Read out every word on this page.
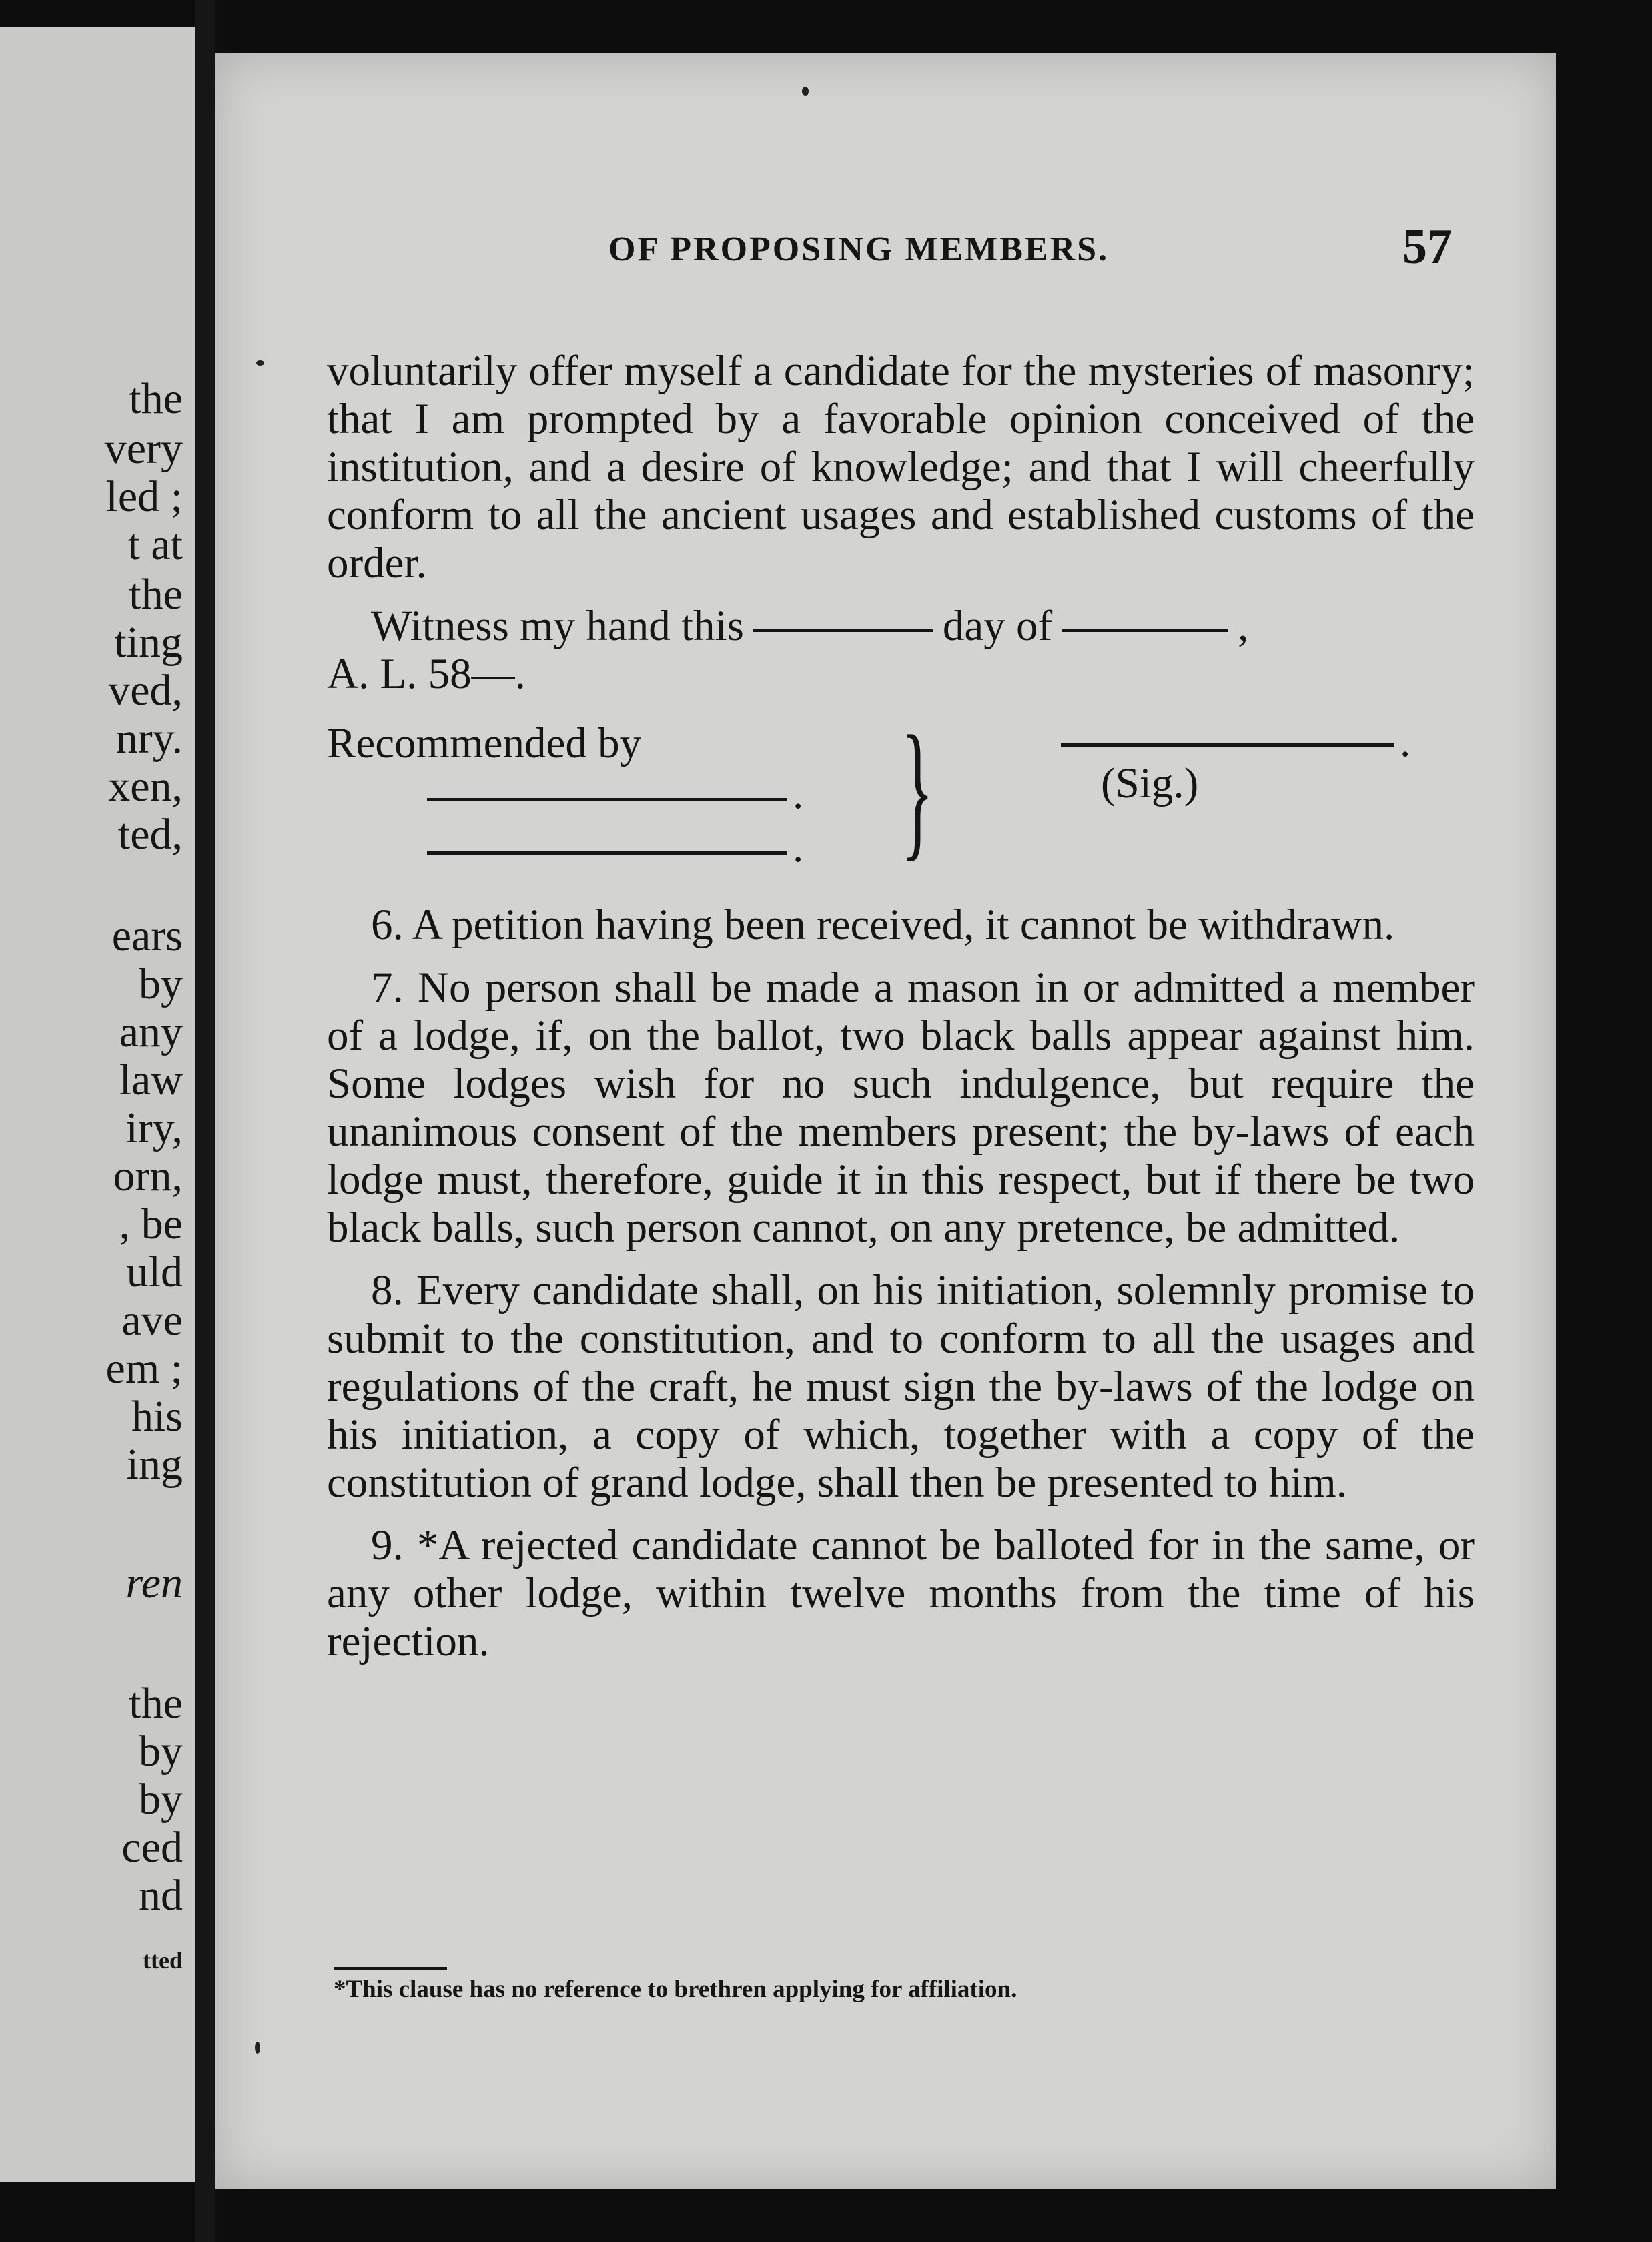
the
very
led ;
t at
the
ting
ved,
nry.
xen,
ted,
ears
by
any
law
iry,
orn,
, be
uld
ave
em ;
his
ing
ren
the
by
by
ced
nd
tted
OF PROPOSING MEMBERS.	57

voluntarily offer myself a candidate for the mysteries of masonry; that I am prompted by a favorable opinion conceived of the institution, and a desire of knowledge; and that I will cheerfully conform to all the ancient usages and established customs of the order.

Witness my hand this	day of	,

A. L. 58—.

Recommended by
.
. }	.
(Sig.)

6. A petition having been received, it cannot be withdrawn.

7. No person shall be made a mason in or admitted a member of a lodge, if, on the ballot, two black balls appear against him. Some lodges wish for no such indulgence, but require the unanimous consent of the members present; the by-laws of each lodge must, therefore, guide it in this respect, but if there be two black balls, such person cannot, on any pretence, be admitted.

8. Every candidate shall, on his initiation, solemnly promise to submit to the constitution, and to conform to all the usages and regulations of the craft, he must sign the by-laws of the lodge on his initiation, a copy of which, together with a copy of the constitution of grand lodge, shall then be presented to him.

9. *A rejected candidate cannot be balloted for in the same, or any other lodge, within twelve months from the time of his rejection.

*This clause has no reference to brethren applying for affiliation.
